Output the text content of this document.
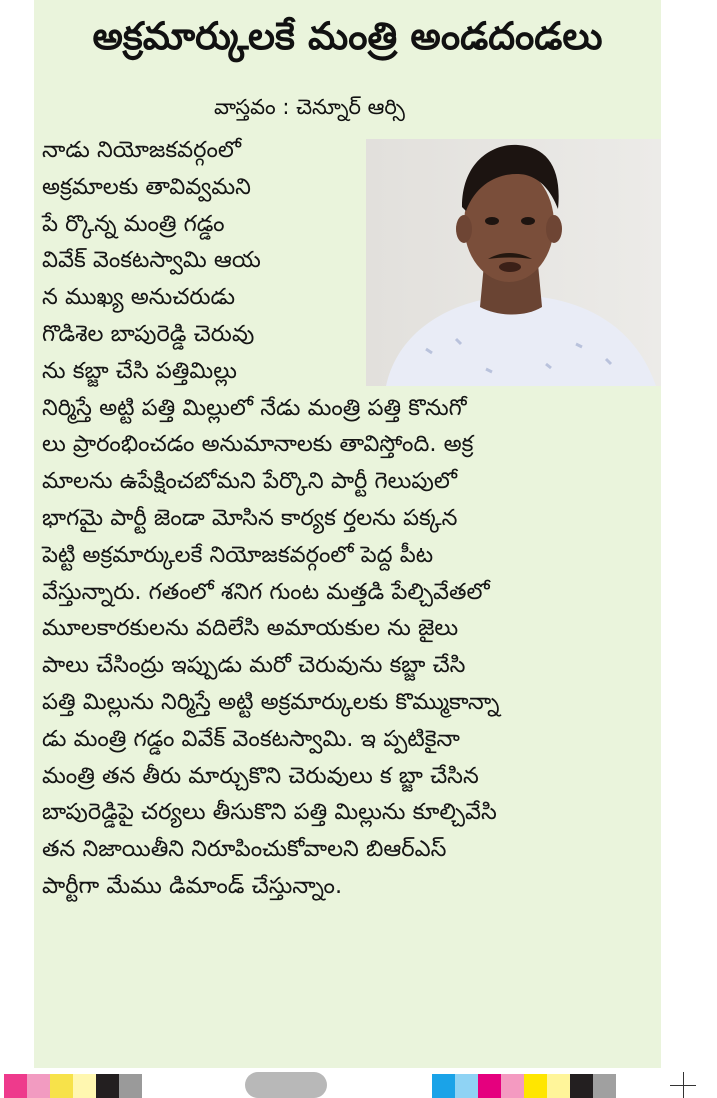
అక్రమార్కులకే మంత్రి అండదండలు
వాస్తవం : చెన్నూర్ ఆర్సి
నాడు నియోజకవర్గంలో
అక్రమాలకు తావివ్వమని
పే ర్కొన్న మంత్రి గడ్డం
వివేక్ వెంకటస్వామి ఆయ
న ముఖ్య అనుచరుడు
గొడిశెల బాపురెడ్డి చెరువు
ను కబ్జా చేసి పత్తిమిల్లు
నిర్మిస్తే అట్టి పత్తి మిల్లులో నేడు మంత్రి పత్తి కొనుగో
లు ప్రారంభించడం అనుమానాలకు తావిస్తోంది. అక్ర
మాలను ఉపేక్షించబోమని పేర్కొని పార్టీ గెలుపులో
భాగమై పార్టీ జెండా మోసిన కార్యక ర్తలను పక్కన
పెట్టి అక్రమార్కులకే నియోజకవర్గంలో పెద్ద పీట
వేస్తున్నారు. గతంలో శనిగ గుంట మత్తడి పేల్చివేతలో
మూలకారకులను వదిలేసి అమాయకుల ను జైలు
పాలు చేసింద్రు ఇప్పుడు మరో చెరువును కబ్జా చేసి
పత్తి మిల్లును నిర్మిస్తే అట్టి అక్రమార్కులకు కొమ్ముకాన్నా
డు మంత్రి గడ్డం వివేక్ వెంకటస్వామి. ఇ ప్పటికైనా
మంత్రి తన తీరు మార్చుకొని చెరువులు క బ్జా చేసిన
బాపురెడ్డిపై చర్యలు తీసుకొని పత్తి మిల్లును కూల్చివేసి
తన నిజాయితీని నిరూపించుకోవాలని బిఆర్ఎస్
పార్టీగా మేము డిమాండ్ చేస్తున్నాం.
